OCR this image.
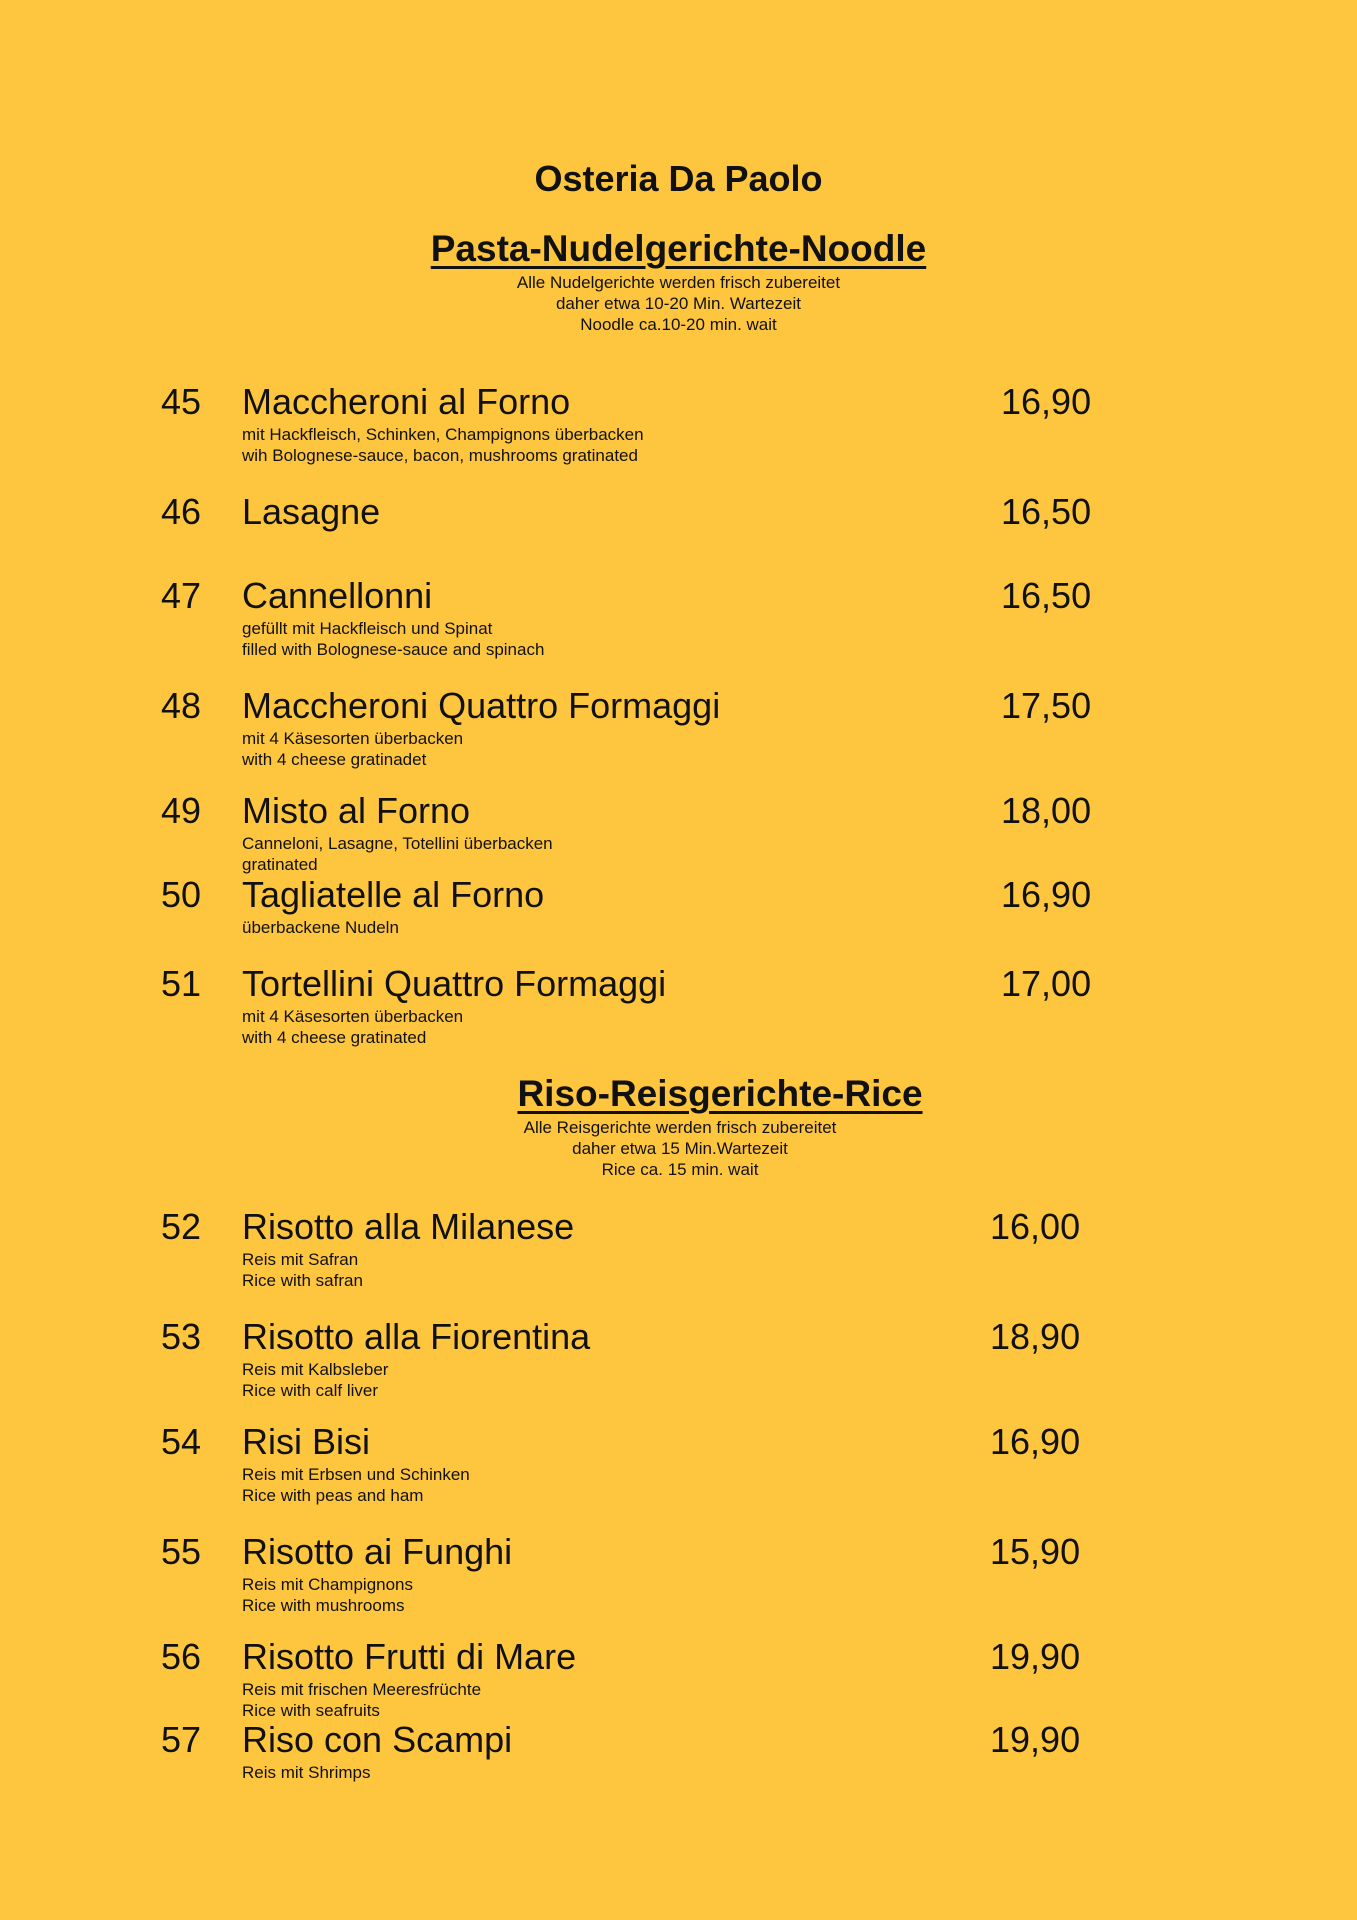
Osteria Da Paolo
Pasta-Nudelgerichte-Noodle
Alle Nudelgerichte werden frisch zubereitet
daher etwa 10-20 Min. Wartezeit
Noodle ca.10-20 min. wait
45 Maccheroni al Forno	16,90
mit Hackfleisch, Schinken, Champignons überbacken
wih Bolognese-sauce, bacon, mushrooms gratinated
46 Lasagne	16,50
47 Cannellonni	16,50
gefüllt mit Hackfleisch und Spinat
filled with Bolognese-sauce and spinach
48 Maccheroni Quattro Formaggi	17,50
mit 4 Käsesorten überbacken
with 4 cheese gratinadet
49 Misto al Forno	18,00
Canneloni, Lasagne, Totellini überbacken
gratinated
50 Tagliatelle al Forno	16,90
überbackene Nudeln
51 Tortellini Quattro Formaggi	17,00
mit 4 Käsesorten überbacken
with 4 cheese gratinated
Riso-Reisgerichte-Rice
Alle Reisgerichte werden frisch zubereitet
daher etwa 15 Min.Wartezeit
Rice ca. 15 min. wait
52 Risotto alla Milanese	16,00
Reis mit Safran
Rice with safran
53 Risotto alla Fiorentina	18,90
Reis mit Kalbsleber
Rice with calf liver
54 Risi Bisi	16,90
Reis mit Erbsen und Schinken
Rice with peas and ham
55 Risotto ai Funghi	15,90
Reis mit Champignons
Rice with mushrooms
56 Risotto Frutti di Mare	19,90
Reis mit frischen Meeresfrüchte
Rice with seafruits
57 Riso con Scampi	19,90
Reis mit Shrimps
